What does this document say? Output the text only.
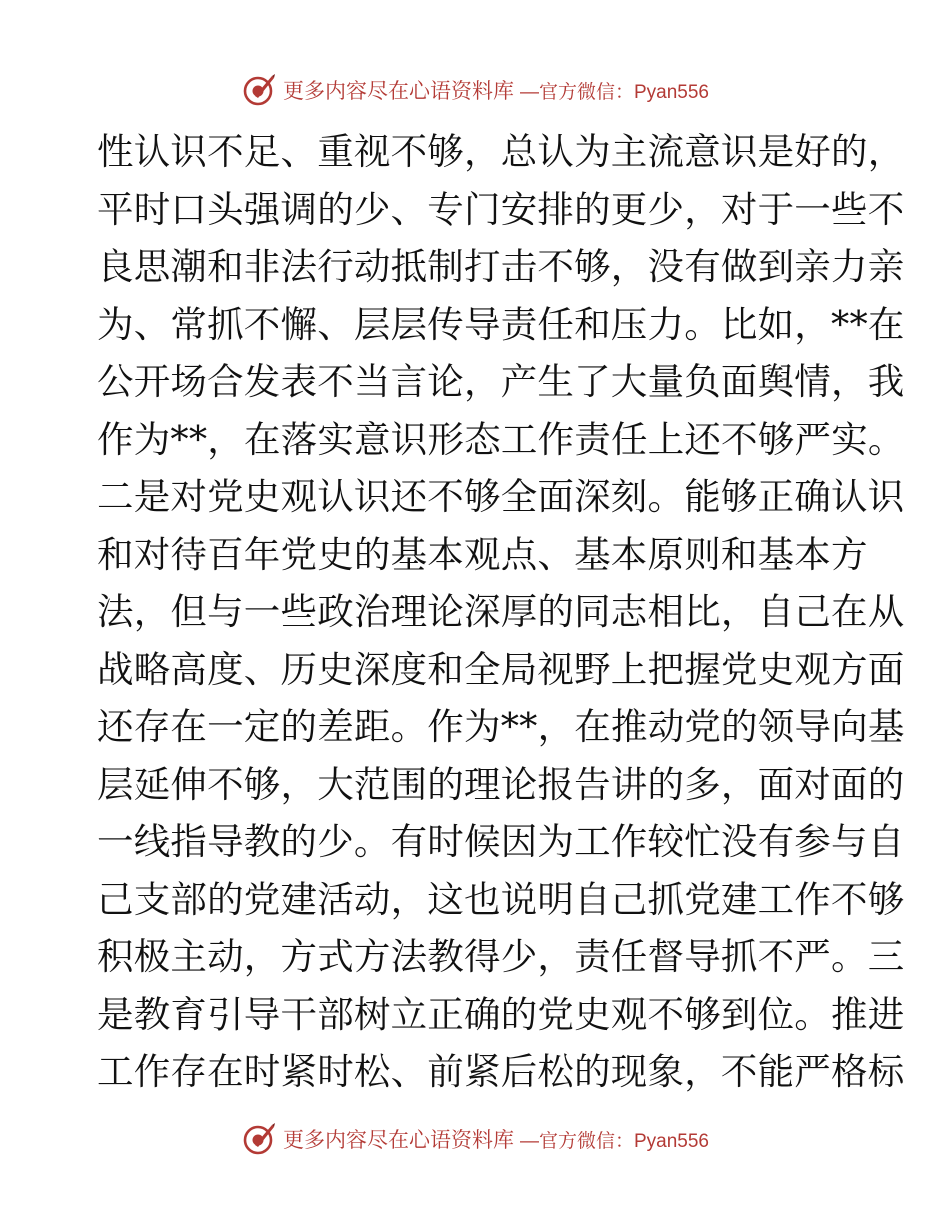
更多内容尽在心语资料库 —官方微信：Pyan556
性认识不足、重视不够，总认为主流意识是好的，
平时口头强调的少、专门安排的更少，对于一些不
良思潮和非法行动抵制打击不够，没有做到亲力亲
为、常抓不懈、层层传导责任和压力。比如，**在
公开场合发表不当言论，产生了大量负面舆情，我
作为**，在落实意识形态工作责任上还不够严实。
二是对党史观认识还不够全面深刻。能够正确认识
和对待百年党史的基本观点、基本原则和基本方
法，但与一些政治理论深厚的同志相比，自己在从
战略高度、历史深度和全局视野上把握党史观方面
还存在一定的差距。作为**，在推动党的领导向基
层延伸不够，大范围的理论报告讲的多，面对面的
一线指导教的少。有时候因为工作较忙没有参与自
己支部的党建活动，这也说明自己抓党建工作不够
积极主动，方式方法教得少，责任督导抓不严。三
是教育引导干部树立正确的党史观不够到位。推进
工作存在时紧时松、前紧后松的现象，不能严格标
更多内容尽在心语资料库 —官方微信：Pyan556
